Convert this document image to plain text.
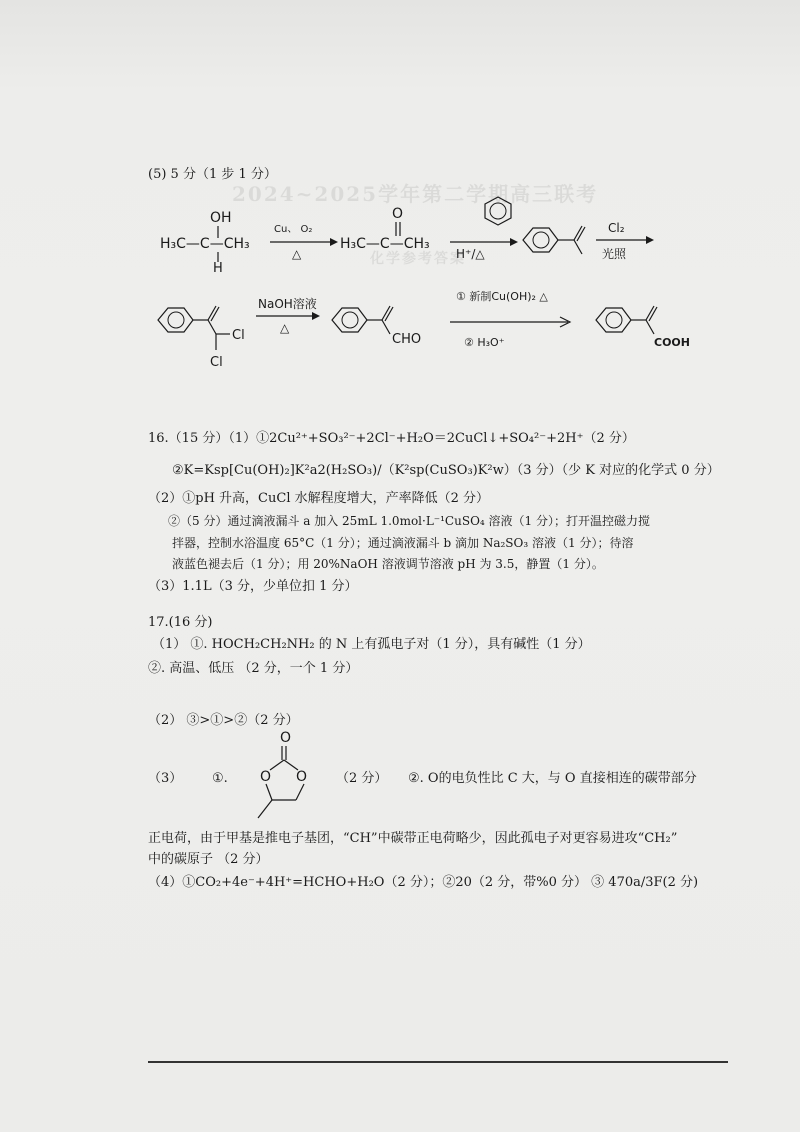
2024~2025学年第二学期高三联考
化学参考答案
(5) 5 分（1 步 1 分）
OH
H₃C—C—CH₃
H
Cu、 O₂
△
O
H₃C—C—CH₃
H⁺/△
Cl₂
光照
Cl
Cl
NaOH溶液
△
CHO
① 新制Cu(OH)₂ △
② H₃O⁺	COOH
16.（15 分）（1）①2Cu²⁺+SO₃²⁻+2Cl⁻+H₂O＝2CuCl↓+SO₄²⁻+2H⁺（2 分）
②K=Ksp[Cu(OH)₂]K²a2(H₂SO₃)/（K²sp(CuSO₃)K²w）（3 分）（少 K 对应的化学式 0 分）
（2）①pH 升高，CuCl 水解程度增大，产率降低（2 分）
②（5 分）通过滴液漏斗 a 加入 25mL 1.0mol·L⁻¹CuSO₄ 溶液（1 分）；打开温控磁力搅
拌器，控制水浴温度 65°C（1 分）；通过滴液漏斗 b 滴加 Na₂SO₃ 溶液（1 分）；待溶
液蓝色褪去后（1 分）；用 20%NaOH 溶液调节溶液 pH 为 3.5，静置（1 分）。
（3）1.1L（3 分，少单位扣 1 分）
17.(16 分)
（1） ①. HOCH₂CH₂NH₂ 的 N 上有孤电子对（1 分），具有碱性（1 分）
②. 高温、低压 （2 分，一个 1 分）
（2） ③>①>②（2 分）
（3） ①.
O
O O （2 分） ②. O的电负性比 C 大，与 O 直接相连的碳带部分
正电荷，由于甲基是推电子基团，“CH”中碳带正电荷略少，因此孤电子对更容易进攻“CH₂”
中的碳原子 （2 分）
（4）①CO₂+4e⁻+4H⁺=HCHO+H₂O（2 分）；②20（2 分，带%0 分） ③ 470a/3F(2 分)
